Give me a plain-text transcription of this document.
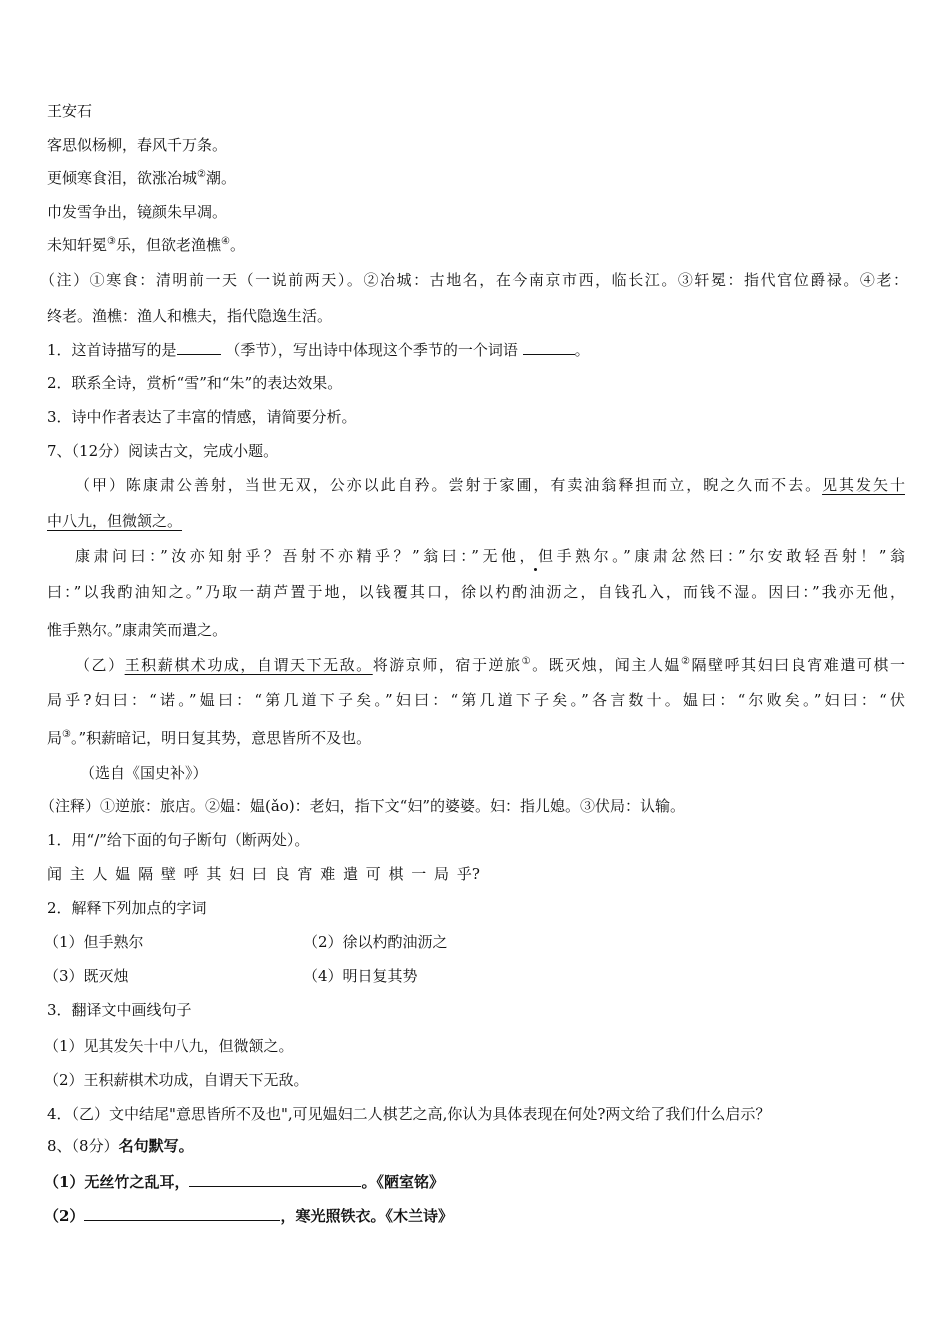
王安石
客思似杨柳，春风千万条。
更倾寒食泪，欲涨冶城②潮。
巾发雪争出，镜颜朱早凋。
未知轩冕③乐，但欲老渔樵④。
（注）①寒食：清明前一天（一说前两天）。②冶城：古地名，在今南京市西，临长江。③轩冕：指代官位爵禄。④老：
终老。渔樵：渔人和樵夫，指代隐逸生活。
1．这首诗描写的是	（季节），写出诗中体现这个季节的一个词语	。
2．联系全诗，赏析“雪”和“朱”的表达效果。
3．诗中作者表达了丰富的情感，请简要分析。
7、（12分）阅读古文，完成小题。
（甲）陈康肃公善射，当世无双，公亦以此自矜。尝射于家圃，有卖油翁释担而立，睨之久而不去。见其发矢十
中八九，但微颔之。
康肃问曰：”汝亦知射乎？吾射不亦精乎？”翁曰：”无他，但手熟尔。”康肃忿然曰：”尔安敢轻吾射！”翁
曰：”以我酌油知之。”乃取一葫芦置于地，以钱覆其口，徐以杓酌油沥之，自钱孔入，而钱不湿。因曰：”我亦无他，
惟手熟尔。”康肃笑而遣之。
（乙）王积薪棋术功成，自谓天下无敌。将游京师，宿于逆旅①。既灭烛，闻主人媪②隔壁呼其妇曰良宵难遣可棋一
局乎?妇曰：“诺。”媪曰：“第几道下子矣。”妇曰：“第几道下子矣。”各言数十。媪曰：“尔败矣。”妇曰：“伏
局③。”积薪暗记，明日复其势，意思皆所不及也。
（选自《国史补》）
（注释）①逆旅：旅店。②媪：媪(ǎo)：老妇，指下文“妇”的婆婆。妇：指儿媳。③伏局：认输。
1．用“/”给下面的句子断句（断两处）。
闻 主 人 媪 隔 壁 呼 其 妇 曰 良 宵 难 遣 可 棋 一 局 乎?
2．解释下列加点的字词
（1）但手熟尔	（2）徐以杓酌油沥之
（3）既灭烛	（4）明日复其势
3．翻译文中画线句子
（1）见其发矢十中八九，但微颔之。
（2）王积薪棋术功成，自谓天下无敌。
4．（乙）文中结尾"意思皆所不及也",可见媪妇二人棋艺之高,你认为具体表现在何处?两文给了我们什么启示？
8、（8分）名句默写。
（1）无丝竹之乱耳，	。《陋室铭》
（2）	，寒光照铁衣。《木兰诗》
